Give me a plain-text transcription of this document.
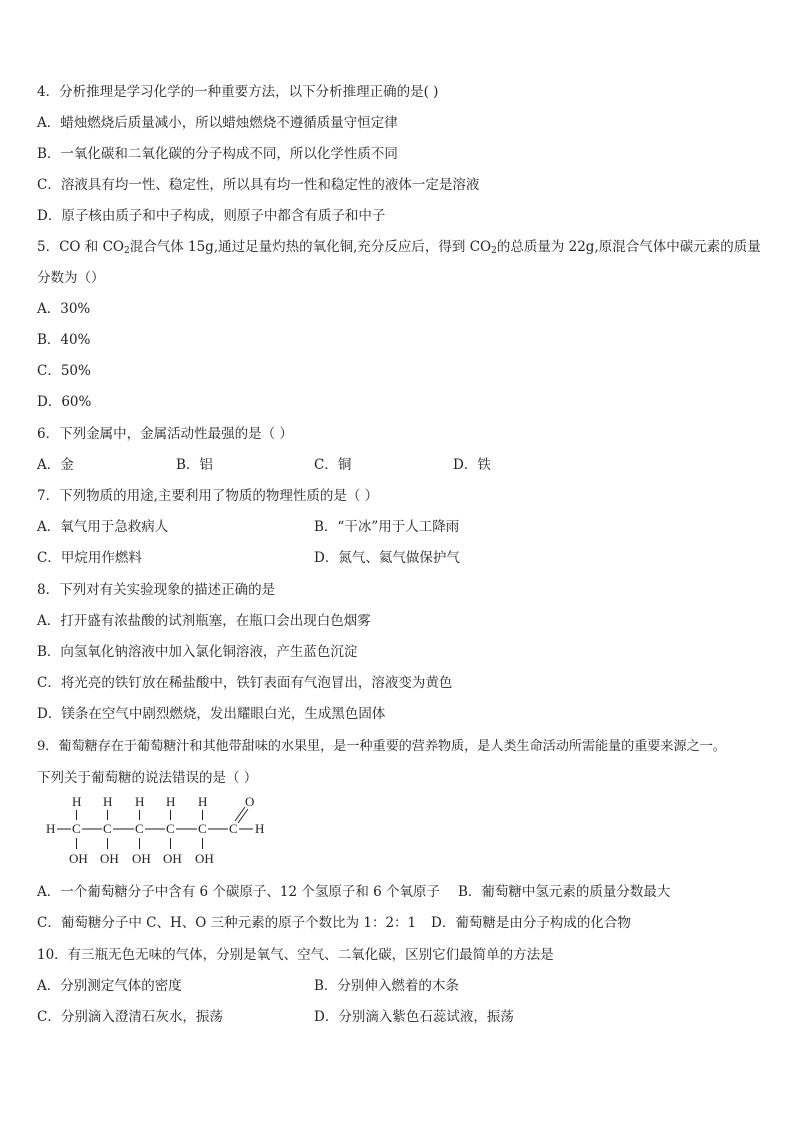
4．分析推理是学习化学的一种重要方法，以下分析推理正确的是( )
A．蜡烛燃烧后质量减小，所以蜡烛燃烧不遵循质量守恒定律
B．一氧化碳和二氧化碳的分子构成不同，所以化学性质不同
C．溶液具有均一性、稳定性，所以具有均一性和稳定性的液体一定是溶液
D．原子核由质子和中子构成，则原子中都含有质子和中子
5．CO 和 $CO_2$混合气体 15g,通过足量灼热的氧化铜,充分反应后，得到 $CO_2$的总质量为 22g,原混合气体中碳元素的质量
分数为（）
A．30%
B．40%
C．50%
D．60%
6．下列金属中，金属活动性最强的是（ ）
A．金	B．铝	C．铜	D．铁
7．下列物质的用途,主要利用了物质的物理性质的是（ ）
A．氧气用于急救病人	B．“干冰”用于人工降雨
C．甲烷用作燃料	D．氮气、氦气做保护气
8．下列对有关实验现象的描述正确的是
A．打开盛有浓盐酸的试剂瓶塞，在瓶口会出现白色烟雾
B．向氢氧化钠溶液中加入氯化铜溶液，产生蓝色沉淀
C．将光亮的铁钉放在稀盐酸中，铁钉表面有气泡冒出，溶液变为黄色
D．镁条在空气中剧烈燃烧，发出耀眼白光，生成黑色固体
9．葡萄糖存在于葡萄糖汁和其他带甜味的水果里，是一种重要的营养物质，是人类生命活动所需能量的重要来源之一。
下列关于葡萄糖的说法错误的是（ ）
H H H H H	O
H C C C C C C H
OH OH OH OH OH
A．一个葡萄糖分子中含有 6 个碳原子、12 个氢原子和 6 个氧原子 B．葡萄糖中氢元素的质量分数最大
C．葡萄糖分子中 C、H、O 三种元素的原子个数比为 1：2：1 D．葡萄糖是由分子构成的化合物
10．有三瓶无色无味的气体，分别是氧气、空气、二氧化碳，区别它们最简单的方法是
A．分别测定气体的密度	B．分别伸入燃着的木条
C．分别滴入澄清石灰水，振荡	D．分别滴入紫色石蕊试液，振荡
